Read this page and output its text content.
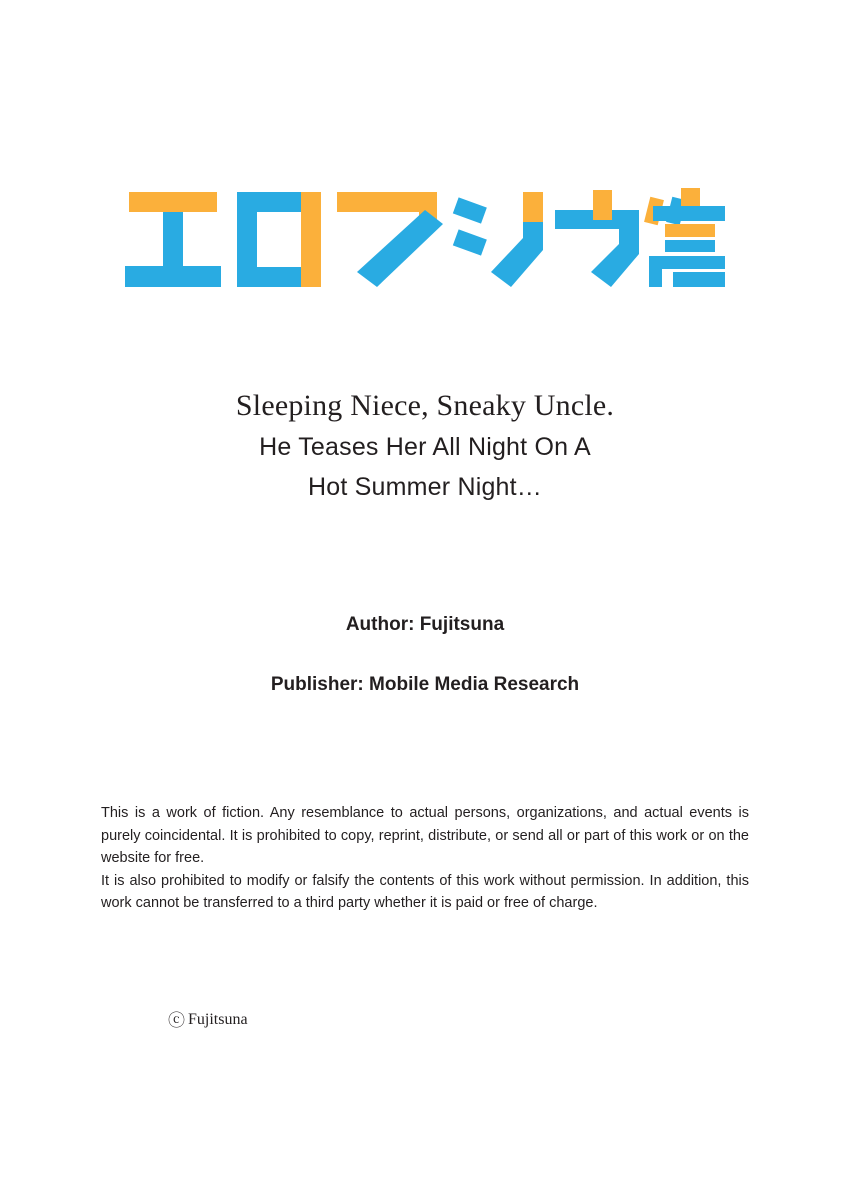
Sleeping Niece, Sneaky Uncle.
He Teases Her All Night On A
Hot Summer Night…
Author: Fujitsuna
Publisher: Mobile Media Research

This is a work of fiction. Any resemblance to actual persons, organizations, and actual events is purely coincidental. It is prohibited to copy, reprint, distribute, or send all or part of this work or on the website for free.

It is also prohibited to modify or falsify the contents of this work without permission. In addition, this work cannot be transferred to a third party whether it is paid or free of charge.

ⓒ Fujitsuna
